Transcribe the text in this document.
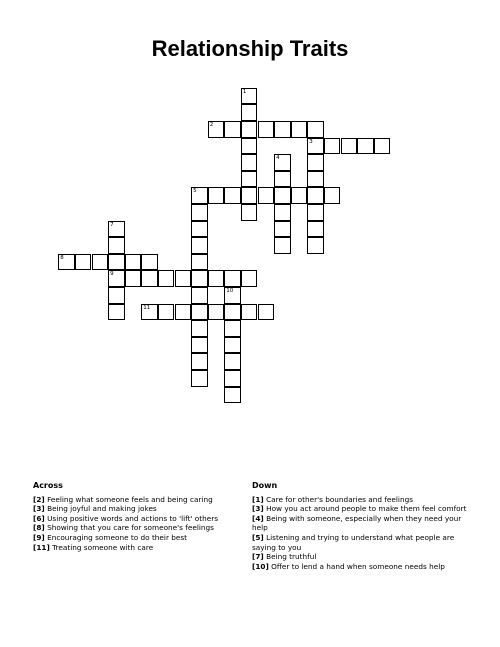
Relationship Traits
1
2
3
4
5
7
9
8
11
10
Across
[2] Feeling what someone feels and being caring
[3] Being joyful and making jokes
[6] Using positive words and actions to 'lift' others
[8] Showing that you care for someone's feelings
[9] Encouraging someone to do their best
[11] Treating someone with care
Down
[1] Care for other's boundaries and feelings
[3] How you act around people to make them feel comfort
[4] Being with someone, especially when they need your help
[5] Listening and trying to understand what people are saying to you
[7] Being truthful
[10] Offer to lend a hand when someone needs help
